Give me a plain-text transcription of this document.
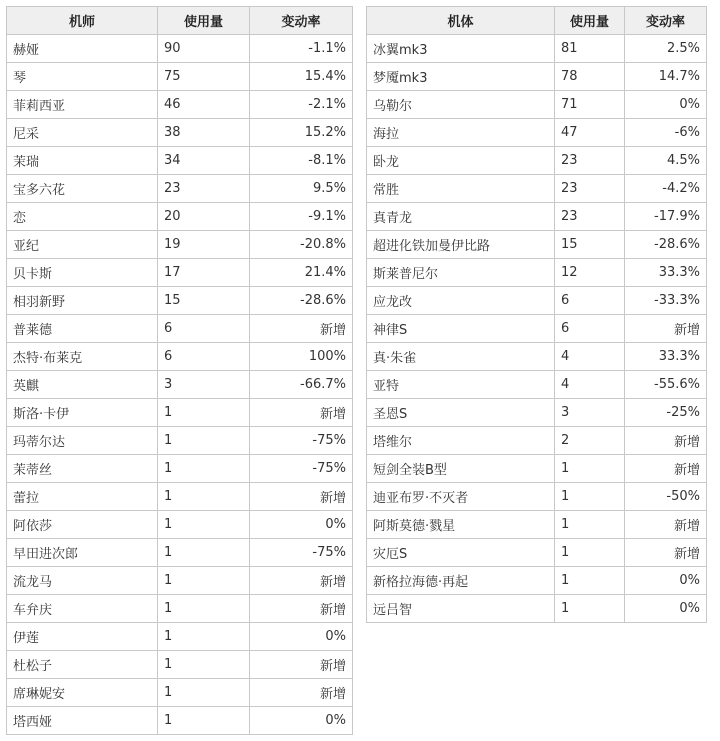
机师	使用量	变动率
赫娅	90	-1.1%
琴	75	15.4%
菲莉西亚	46	-2.1%
尼采	38	15.2%
茉瑞	34	-8.1%
宝多六花	23	9.5%
恋	20	-9.1%
亚纪	19	-20.8%
贝卡斯	17	21.4%
相羽新野	15	-28.6%
普莱德	6	新增
杰特·布莱克	6	100%
英麒	3	-66.7%
斯洛·卡伊	1	新增
玛蒂尔达	1	-75%
茉蒂丝	1	-75%
蕾拉	1	新增
阿依莎	1	0%
早田进次郎	1	-75%
流龙马	1	新增
车弁庆	1	新增
伊莲	1	0%
杜松子	1	新增
席琳妮安	1	新增
塔西娅	1	0%
机体	使用量	变动率
冰翼mk3	81	2.5%
梦魇mk3	78	14.7%
乌勒尔	71	0%
海拉	47	-6%
卧龙	23	4.5%
常胜	23	-4.2%
真青龙	23	-17.9%
超进化铁加曼伊比路	15	-28.6%
斯莱普尼尔	12	33.3%
应龙改	6	-33.3%
神律S	6	新增
真·朱雀	4	33.3%
亚特	4	-55.6%
圣恩S	3	-25%
塔维尔	2	新增
短剑全装B型	1	新增
迪亚布罗·不灭者	1	-50%
阿斯莫德·戮星	1	新增
灾厄S	1	新增
新格拉海德·再起	1	0%
远吕智	1	0%
